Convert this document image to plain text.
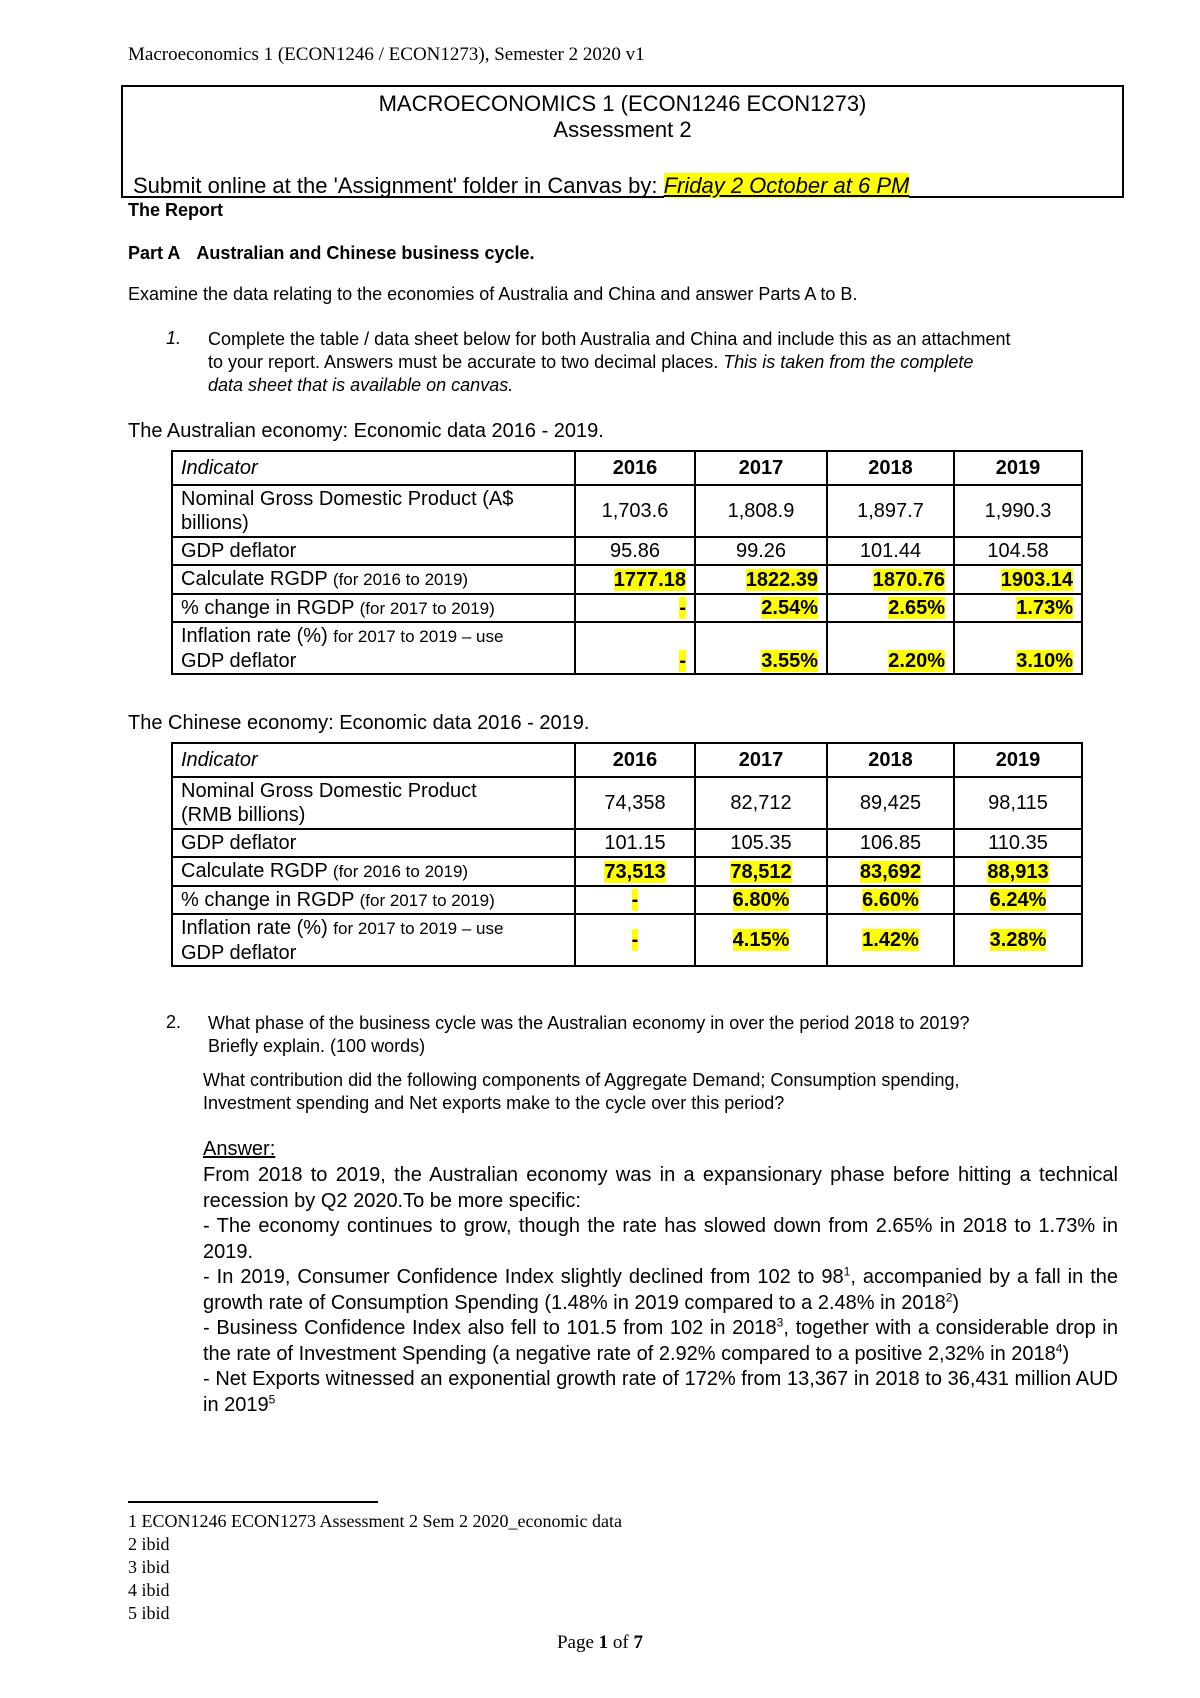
Macroeconomics 1 (ECON1246 / ECON1273), Semester 2 2020 v1
MACROECONOMICS 1 (ECON1246 ECON1273)
Assessment 2
Submit online at the 'Assignment' folder in Canvas by: Friday 2 October at 6 PM
The Report
Part A Australian and Chinese business cycle.
Examine the data relating to the economies of Australia and China and answer Parts A to B.
1. Complete the table / data sheet below for both Australia and China and include this as an attachment
to your report. Answers must be accurate to two decimal places. This is taken from the complete
data sheet that is available on canvas.
The Australian economy: Economic data 2016 - 2019.
Indicator	2016	2017	2018	2019

Nominal Gross Domestic Product (A$
billions)	1,703.6	1,808.9	1,897.7	1,990.3
GDP deflator	95.86	99.26	101.44	104.58
Calculate RGDP (for 2016 to 2019)	1777.18	1822.39	1870.76	1903.14
% change in RGDP (for 2017 to 2019)	-	2.54%	2.65%	1.73%

Inflation rate (%) for 2017 to 2019 – use
GDP deflator	-	3.55%	2.20%	3.10%
The Chinese economy: Economic data 2016 - 2019.
Indicator	2016	2017	2018	2019

Nominal Gross Domestic Product
(RMB billions)	74,358	82,712	89,425	98,115
GDP deflator	101.15	105.35	106.85	110.35
Calculate RGDP (for 2016 to 2019)	73,513	78,512	83,692	88,913
% change in RGDP (for 2017 to 2019)	-	6.80%	6.60%	6.24%

Inflation rate (%) for 2017 to 2019 – use
GDP deflator	-	4.15%	1.42%	3.28%
2. What phase of the business cycle was the Australian economy in over the period 2018 to 2019?
Briefly explain. (100 words)
What contribution did the following components of Aggregate Demand; Consumption spending,
Investment spending and Net exports make to the cycle over this period?
Answer:
From 2018 to 2019, the Australian economy was in a expansionary phase before hitting a technical recession by Q2 2020.To be more specific:
- The economy continues to grow, though the rate has slowed down from 2.65% in 2018 to 1.73% in 2019.
- In 2019, Consumer Confidence Index slightly declined from 102 to $98^1$, accompanied by a fall in the growth rate of Consumption Spending (1.48% in 2019 compared to a 2.48% in 2018$^2$)
- Business Confidence Index also fell to 101.5 from 102 in 2018$^3$, together with a considerable drop in the rate of Investment Spending (a negative rate of 2.92% compared to a positive 2,32% in 2018$^4$)
- Net Exports witnessed an exponential growth rate of 172% from 13,367 in 2018 to 36,431 million AUD in 2019$^5$
1 ECON1246 ECON1273 Assessment 2 Sem 2 2020_economic data
2 ibid
3 ibid
4 ibid
5 ibid
Page 1 of 7
